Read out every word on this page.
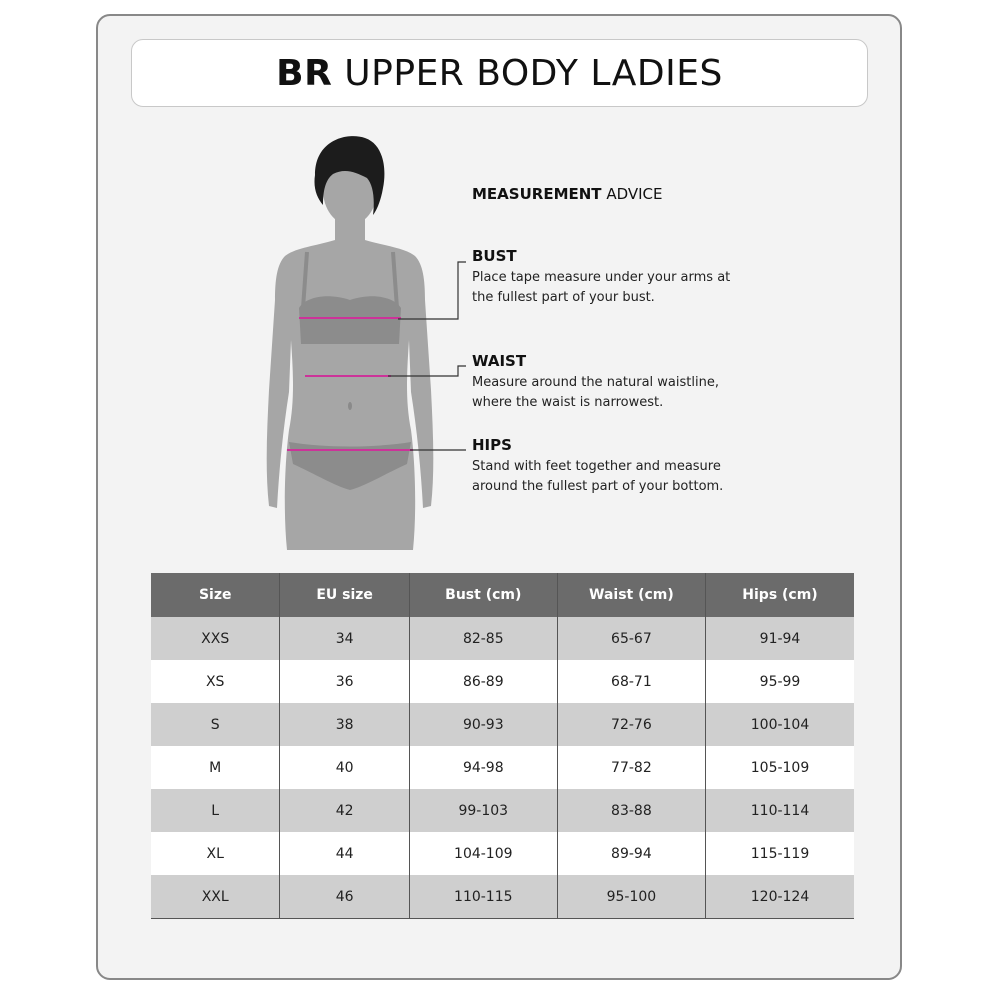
BR UPPER BODY LADIES
MEASUREMENT ADVICE

BUST

Place tape measure under your arms at

the fullest part of your bust.

WAIST

Measure around the natural waistline,

where the waist is narrowest.

HIPS

Stand with feet together and measure

around the fullest part of your bottom.

Size	EU size	Bust (cm)	Waist (cm)	Hips (cm)
XXS	34	82-85	65-67	91-94
XS	36	86-89	68-71	95-99
S	38	90-93	72-76	100-104
M	40	94-98	77-82	105-109
L	42	99-103	83-88	110-114
XL	44	104-109	89-94	115-119
XXL	46	110-115	95-100	120-124
